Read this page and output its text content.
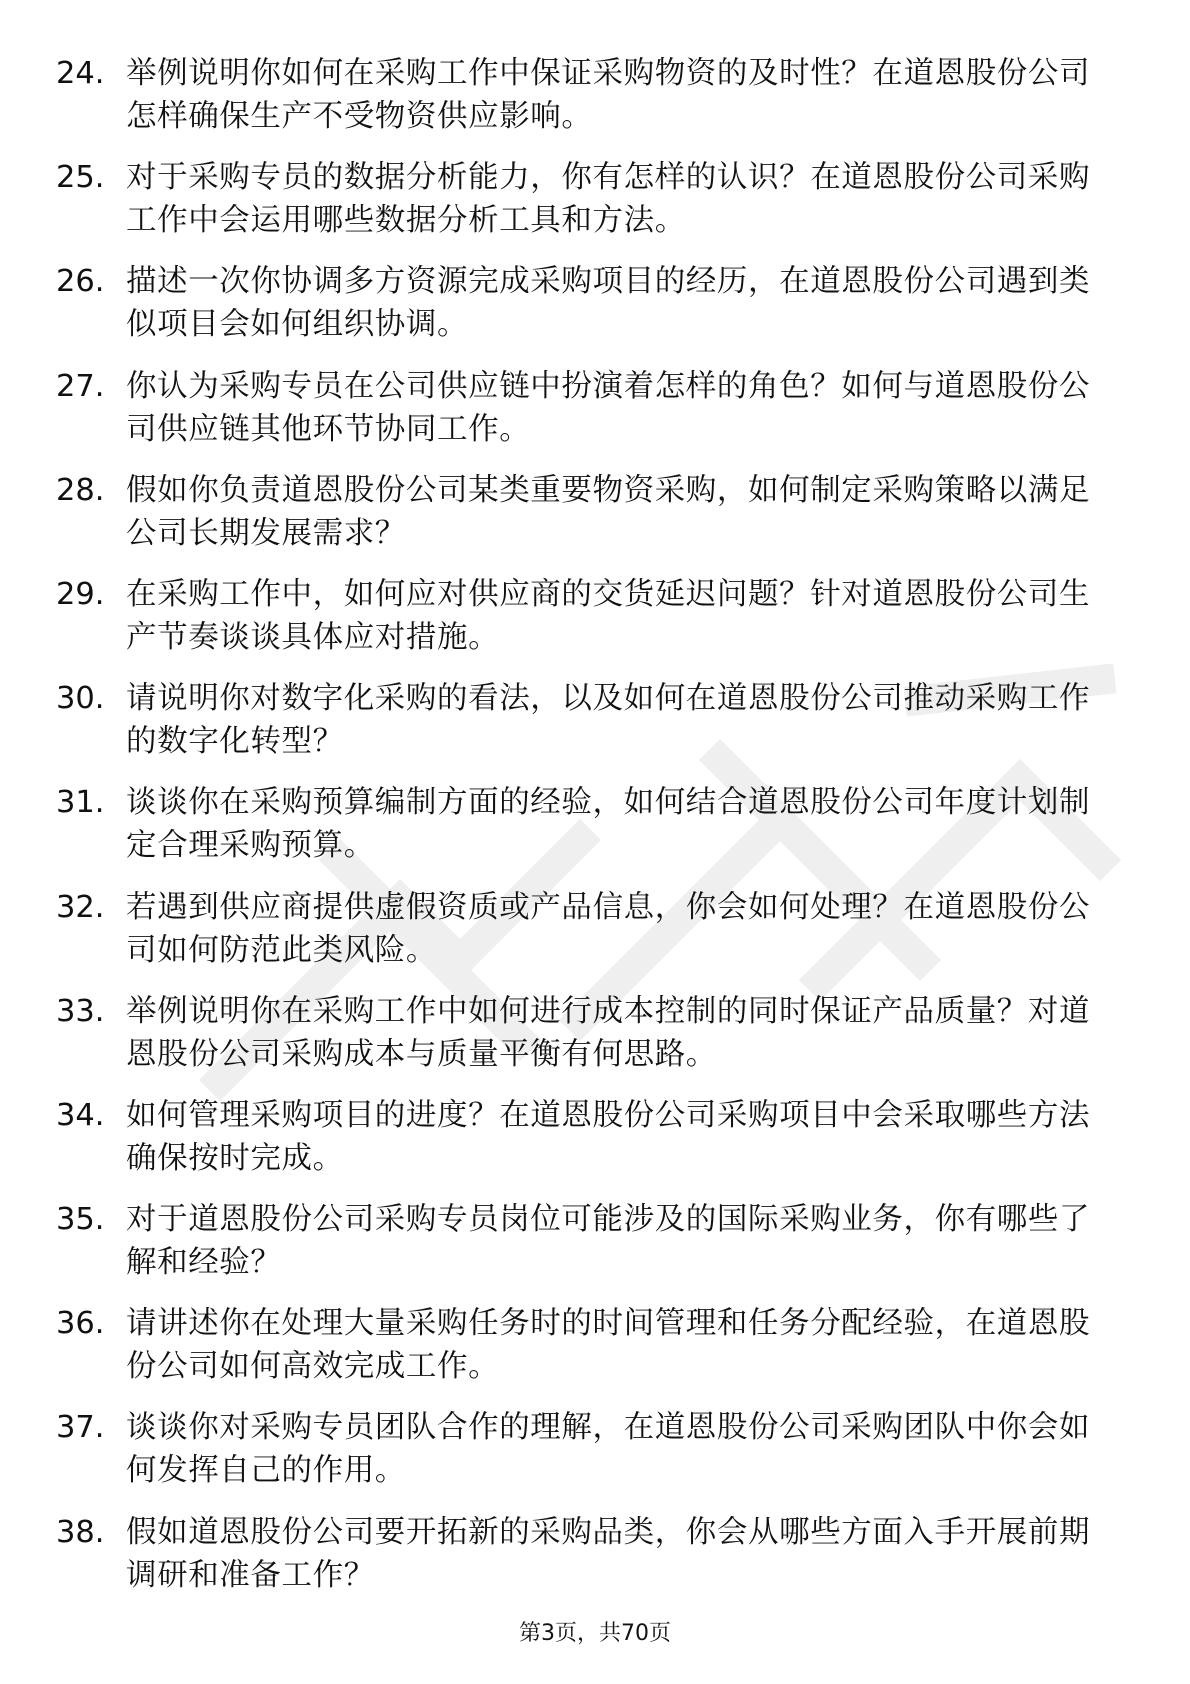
24. 举例说明你如何在采购工作中保证采购物资的及时性？在道恩股份公司怎样确保生产不受物资供应影响。
25. 对于采购专员的数据分析能力，你有怎样的认识？在道恩股份公司采购工作中会运用哪些数据分析工具和方法。
26. 描述一次你协调多方资源完成采购项目的经历，在道恩股份公司遇到类似项目会如何组织协调。
27. 你认为采购专员在公司供应链中扮演着怎样的角色？如何与道恩股份公司供应链其他环节协同工作。
28. 假如你负责道恩股份公司某类重要物资采购，如何制定采购策略以满足公司长期发展需求？
29. 在采购工作中，如何应对供应商的交货延迟问题？针对道恩股份公司生产节奏谈谈具体应对措施。
30. 请说明你对数字化采购的看法，以及如何在道恩股份公司推动采购工作的数字化转型？
31. 谈谈你在采购预算编制方面的经验，如何结合道恩股份公司年度计划制定合理采购预算。
32. 若遇到供应商提供虚假资质或产品信息，你会如何处理？在道恩股份公司如何防范此类风险。
33. 举例说明你在采购工作中如何进行成本控制的同时保证产品质量？对道恩股份公司采购成本与质量平衡有何思路。
34. 如何管理采购项目的进度？在道恩股份公司采购项目中会采取哪些方法确保按时完成。
35. 对于道恩股份公司采购专员岗位可能涉及的国际采购业务，你有哪些了解和经验？
36. 请讲述你在处理大量采购任务时的时间管理和任务分配经验，在道恩股份公司如何高效完成工作。
37. 谈谈你对采购专员团队合作的理解，在道恩股份公司采购团队中你会如何发挥自己的作用。
38. 假如道恩股份公司要开拓新的采购品类，你会从哪些方面入手开展前期调研和准备工作？
第3页，共70页
